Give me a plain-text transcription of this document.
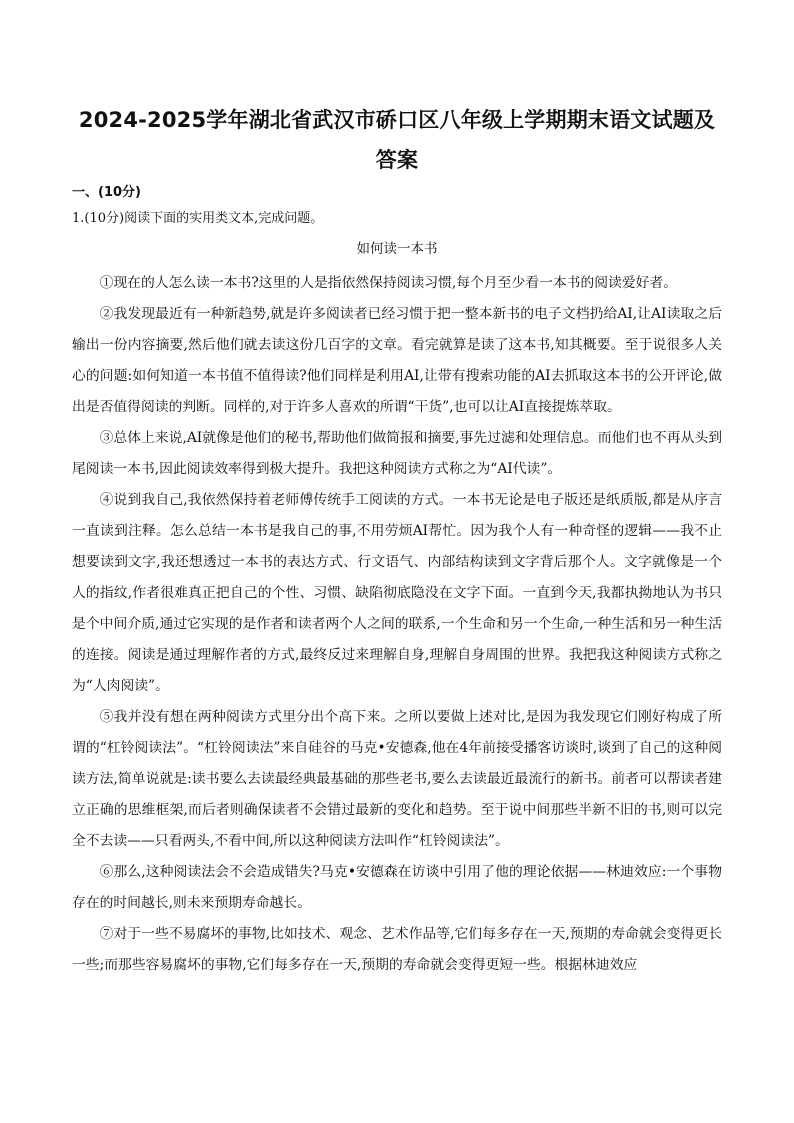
2024-2025学年湖北省武汉市硚口区八年级上学期期末语文试题及答案
一、(10分)
1.(10分)阅读下面的实用类文本,完成问题。
如何读一本书

①现在的人怎么读一本书?这里的人是指依然保持阅读习惯,每个月至少看一本书的阅读爱好者。

②我发现最近有一种新趋势,就是许多阅读者已经习惯于把一整本新书的电子文档扔给AI,让AI读取之后输出一份内容摘要,然后他们就去读这份几百字的文章。看完就算是读了这本书,知其概要。至于说很多人关心的问题:如何知道一本书值不值得读?他们同样是利用AI,让带有搜索功能的AI去抓取这本书的公开评论,做出是否值得阅读的判断。同样的,对于许多人喜欢的所谓“干货”,也可以让AI直接提炼萃取。

③总体上来说,AI就像是他们的秘书,帮助他们做简报和摘要,事先过滤和处理信息。而他们也不再从头到尾阅读一本书,因此阅读效率得到极大提升。我把这种阅读方式称之为“AI代读”。

④说到我自己,我依然保持着老师傅传统手工阅读的方式。一本书无论是电子版还是纸质版,都是从序言一直读到注释。怎么总结一本书是我自己的事,不用劳烦AI帮忙。因为我个人有一种奇怪的逻辑——我不止想要读到文字,我还想透过一本书的表达方式、行文语气、内部结构读到文字背后那个人。文字就像是一个人的指纹,作者很难真正把自己的个性、习惯、缺陷彻底隐没在文字下面。一直到今天,我都执拗地认为书只是个中间介质,通过它实现的是作者和读者两个人之间的联系,一个生命和另一个生命,一种生活和另一种生活的连接。阅读是通过理解作者的方式,最终反过来理解自身,理解自身周围的世界。我把我这种阅读方式称之为“人肉阅读”。

⑤我并没有想在两种阅读方式里分出个高下来。之所以要做上述对比,是因为我发现它们刚好构成了所谓的“杠铃阅读法”。“杠铃阅读法”来自硅谷的马克•安德森,他在4年前接受播客访谈时,谈到了自己的这种阅读方法,简单说就是:读书要么去读最经典最基础的那些老书,要么去读最近最流行的新书。前者可以帮读者建立正确的思维框架,而后者则确保读者不会错过最新的变化和趋势。至于说中间那些半新不旧的书,则可以完全不去读——只看两头,不看中间,所以这种阅读方法叫作“杠铃阅读法”。

⑥那么,这种阅读法会不会造成错失?马克•安德森在访谈中引用了他的理论依据——林迪效应:一个事物存在的时间越长,则未来预期寿命越长。

⑦对于一些不易腐坏的事物,比如技术、观念、艺术作品等,它们每多存在一天,预期的寿命就会变得更长一些;而那些容易腐坏的事物,它们每多存在一天,预期的寿命就会变得更短一些。根据林迪效应
